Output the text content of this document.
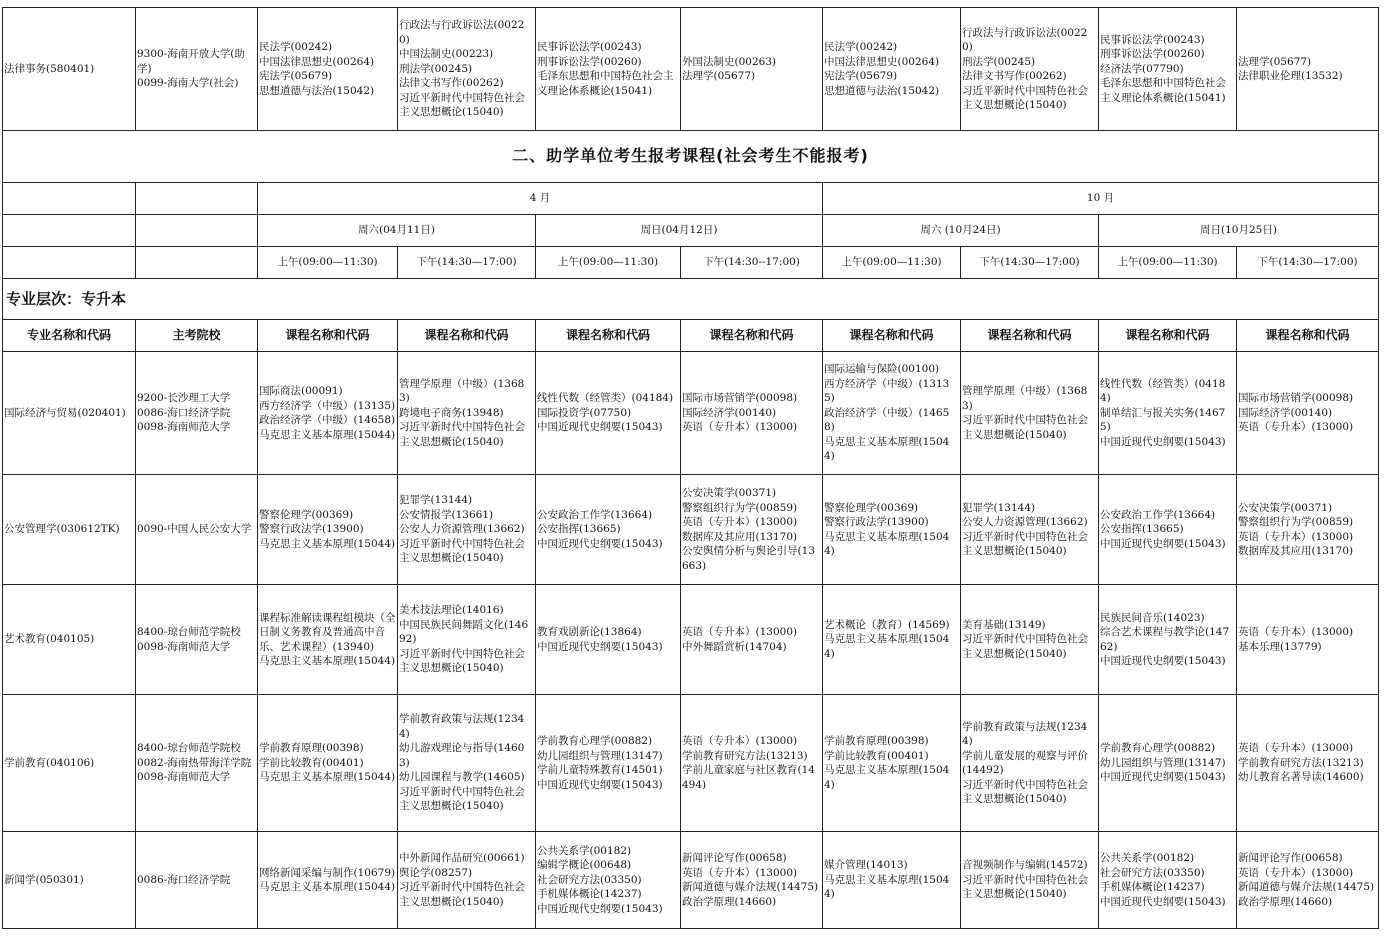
法律事务(580401)	9300-海南开放大学(助学)
0099-海南大学(社会)	民法学(00242)
中国法律思想史(00264)
宪法学(05679)
思想道德与法治(15042)	行政法与行政诉讼法(00220)
中国法制史(00223)
刑法学(00245)
法律文书写作(00262)
习近平新时代中国特色社会主义思想概论(15040)	民事诉讼法学(00243)
刑事诉讼法学(00260)
毛泽东思想和中国特色社会主义理论体系概论(15041)	外国法制史(00263)
法理学(05677)	民法学(00242)
中国法律思想史(00264)
宪法学(05679)
思想道德与法治(15042)	行政法与行政诉讼法(00220)
刑法学(00245)
法律文书写作(00262)
习近平新时代中国特色社会主义思想概论(15040)	民事诉讼法学(00243)
刑事诉讼法学(00260)
经济法学(07790)
毛泽东思想和中国特色社会主义理论体系概论(15041)	法理学(05677)
法律职业伦理(13532)

二、助学单位考生报考课程(社会考生不能报考)									
		4 月				10 月			
		周六(04月11日)		周日(04月12日)		周六 (10月24日)		周日(10月25日)	
		上午(09:00—11:30)	下午(14:30—17:00)	上午(09:00—11:30)	下午(14:30--17:00)	上午(09:00—11:30)	下午(14:30—17:00)	上午(09:00—11:30)	下午(14:30—17:00)
专业层次：专升本									
专业名称和代码	主考院校	课程名称和代码	课程名称和代码	课程名称和代码	课程名称和代码	课程名称和代码	课程名称和代码	课程名称和代码	课程名称和代码
国际经济与贸易(020401)	9200-长沙理工大学
0086-海口经济学院
0098-海南师范大学	国际商法(00091)
西方经济学（中级）(13135)
政治经济学（中级）(14658)
马克思主义基本原理(15044)	管理学原理（中级）(13683)
跨境电子商务(13948)
习近平新时代中国特色社会主义思想概论(15040)	线性代数（经管类）(04184)
国际投资学(07750)
中国近现代史纲要(15043)	国际市场营销学(00098)
国际经济学(00140)
英语（专升本）(13000)	国际运输与保险(00100)
西方经济学（中级）(13135)
政治经济学（中级）(14658)
马克思主义基本原理(15044)	管理学原理（中级）(13683)
习近平新时代中国特色社会主义思想概论(15040)	线性代数（经管类）(04184)
制单结汇与报关实务(14675)
中国近现代史纲要(15043)	国际市场营销学(00098)
国际经济学(00140)
英语（专升本）(13000)

公安管理学(030612TK)	0090-中国人民公安大学	警察伦理学(00369)
警察行政法学(13900)
马克思主义基本原理(15044)	犯罪学(13144)
公安情报学(13661)
公安人力资源管理(13662)
习近平新时代中国特色社会主义思想概论(15040)	公安政治工作学(13664)
公安指挥(13665)
中国近现代史纲要(15043)	公安决策学(00371)
警察组织行为学(00859)
英语（专升本）(13000)
数据库及其应用(13170)
公安舆情分析与舆论引导(13663)	警察伦理学(00369)
警察行政法学(13900)
马克思主义基本原理(15044)	犯罪学(13144)
公安人力资源管理(13662)
习近平新时代中国特色社会主义思想概论(15040)	公安政治工作学(13664)
公安指挥(13665)
中国近现代史纲要(15043)	公安决策学(00371)
警察组织行为学(00859)
英语（专升本）(13000)
数据库及其应用(13170)

艺术教育(040105)	8400-琼台师范学院校
0098-海南师范大学	课程标准解读课程组模块（全日制义务教育及普通高中音乐、艺术课程）(13940)
马克思主义基本原理(15044)	美术技法理论(14016)
中国民族民间舞蹈文化(14692)
习近平新时代中国特色社会主义思想概论(15040)	教育戏剧新论(13864)
中国近现代史纲要(15043)	英语（专升本）(13000)
中外舞蹈赏析(14704)	艺术概论（教育）(14569)
马克思主义基本原理(15044)	美育基础(13149)
习近平新时代中国特色社会主义思想概论(15040)	民族民间音乐(14023)
综合艺术课程与教学论(14762)
中国近现代史纲要(15043)	英语（专升本）(13000)
基本乐理(13779)

学前教育(040106)	8400-琼台师范学院校
0082-海南热带海洋学院
0098-海南师范大学	学前教育原理(00398)
学前比较教育(00401)
马克思主义基本原理(15044)	学前教育政策与法规(12344)
幼儿游戏理论与指导(14603)
幼儿园课程与教学(14605)
习近平新时代中国特色社会主义思想概论(15040)	学前教育心理学(00882)
幼儿园组织与管理(13147)
学前儿童特殊教育(14501)
中国近现代史纲要(15043)	英语（专升本）(13000)
学前教育研究方法(13213)
学前儿童家庭与社区教育(14494)	学前教育原理(00398)
学前比较教育(00401)
马克思主义基本原理(15044)	学前教育政策与法规(12344)
学前儿童发展的观察与评价(14492)
习近平新时代中国特色社会主义思想概论(15040)	学前教育心理学(00882)
幼儿园组织与管理(13147)
中国近现代史纲要(15043)	英语（专升本）(13000)
学前教育研究方法(13213)
幼儿教育名著导读(14600)

新闻学(050301)	0086-海口经济学院	网络新闻采编与制作(10679)
马克思主义基本原理(15044)	中外新闻作品研究(00661)
舆论学(08257)
习近平新时代中国特色社会主义思想概论(15040)	公共关系学(00182)
编辑学概论(00648)
社会研究方法(03350)
手机媒体概论(14237)
中国近现代史纲要(15043)	新闻评论写作(00658)
英语（专升本）(13000)
新闻道德与媒介法规(14475)
政治学原理(14660)	媒介管理(14013)
马克思主义基本原理(15044)	音视频制作与编辑(14572)
习近平新时代中国特色社会主义思想概论(15040)	公共关系学(00182)
社会研究方法(03350)
手机媒体概论(14237)
中国近现代史纲要(15043)	新闻评论写作(00658)
英语（专升本）(13000)
新闻道德与媒介法规(14475)
政治学原理(14660)
